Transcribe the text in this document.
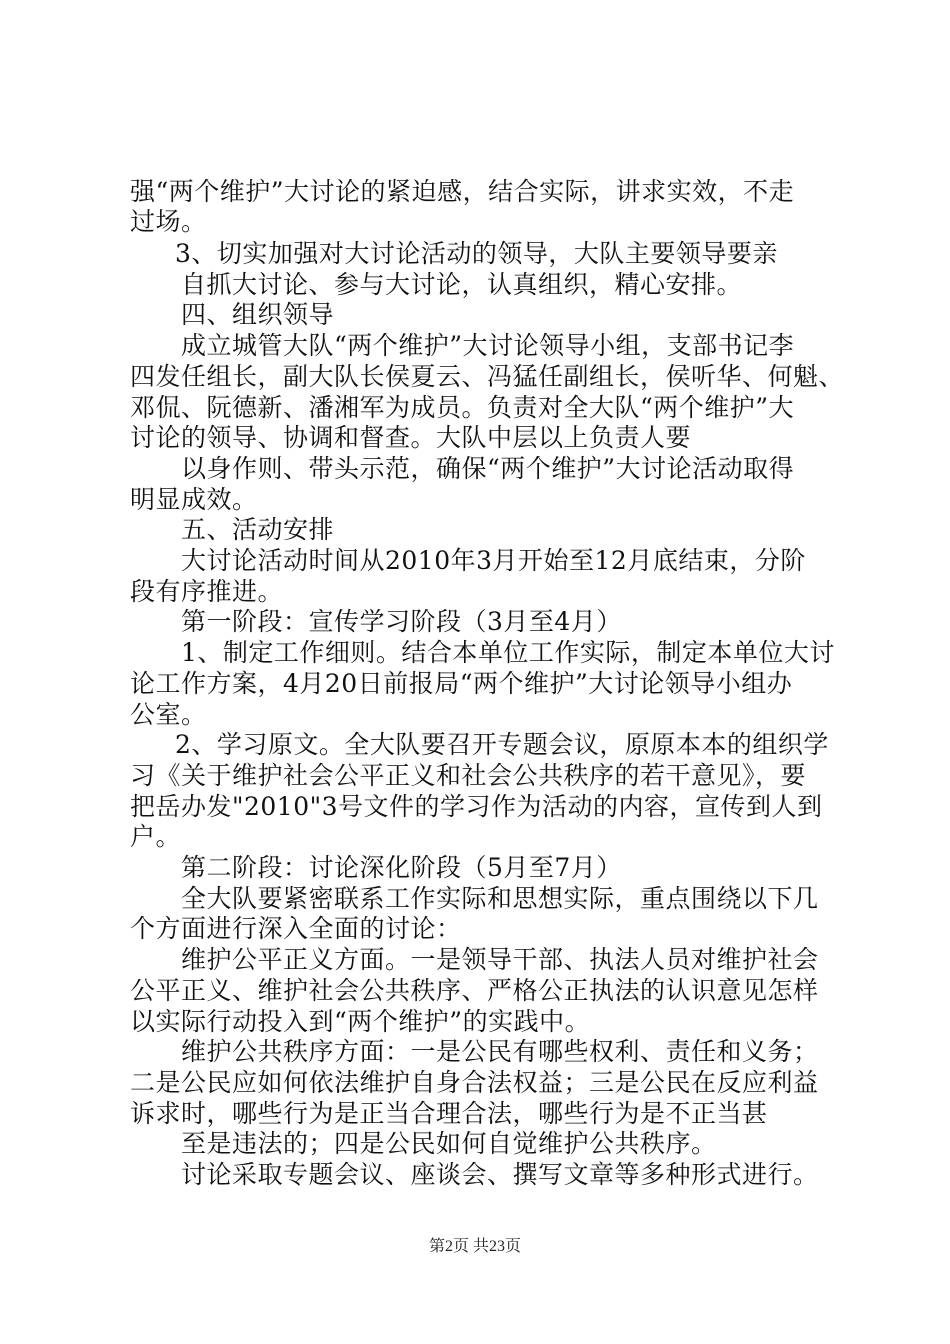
强“两个维护”大讨论的紧迫感，结合实际，讲求实效，不走
过场。
3、切实加强对大讨论活动的领导，大队主要领导要亲
自抓大讨论、参与大讨论，认真组织，精心安排。
四、组织领导
成立城管大队“两个维护”大讨论领导小组，支部书记李
四发任组长，副大队长侯夏云、冯猛任副组长，侯听华、何魁、
邓侃、阮德新、潘湘军为成员。负责对全大队“两个维护”大
讨论的领导、协调和督查。大队中层以上负责人要
以身作则、带头示范，确保“两个维护”大讨论活动取得
明显成效。
五、活动安排
大讨论活动时间从2010年3月开始至12月底结束，分阶
段有序推进。
第一阶段：宣传学习阶段（3月至4月）
1、制定工作细则。结合本单位工作实际，制定本单位大讨
论工作方案，4月20日前报局“两个维护”大讨论领导小组办
公室。
2、学习原文。全大队要召开专题会议，原原本本的组织学
习《关于维护社会公平正义和社会公共秩序的若干意见》，要
把岳办发"2010"3号文件的学习作为活动的内容，宣传到人到
户。
第二阶段：讨论深化阶段（5月至7月）
全大队要紧密联系工作实际和思想实际，重点围绕以下几
个方面进行深入全面的讨论：
维护公平正义方面。一是领导干部、执法人员对维护社会
公平正义、维护社会公共秩序、严格公正执法的认识意见怎样
以实际行动投入到“两个维护”的实践中。
维护公共秩序方面：一是公民有哪些权利、责任和义务；
二是公民应如何依法维护自身合法权益；三是公民在反应利益
诉求时，哪些行为是正当合理合法，哪些行为是不正当甚
至是违法的；四是公民如何自觉维护公共秩序。
讨论采取专题会议、座谈会、撰写文章等多种形式进行。
第2页 共23页
